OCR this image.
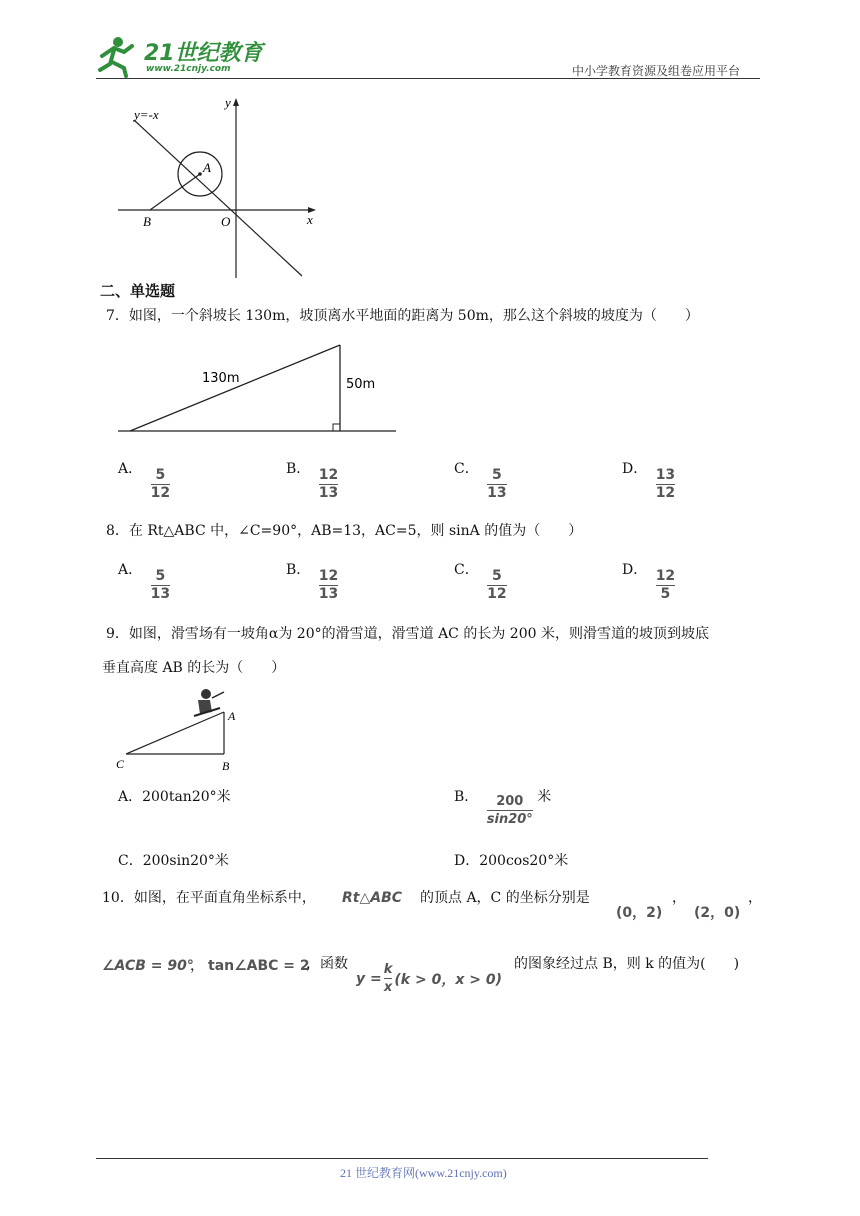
21世纪教育
www.21cnjy.com	中小学教育资源及组卷应用平台
y=-x
y
x
A
B	O
二、单选题
7．如图，一个斜坡长 130m，坡顶离水平地面的距离为 50m，那么这个斜坡的坡度为（　　）
130m	50m
A． $\frac{5}{12}$	B． $\frac{12}{13}$	C． $\frac{5}{13}$	D． $\frac{13}{12}$
8．在 Rt△ABC 中，∠C=90°，AB=13，AC=5，则 sinA 的值为（　　）
A． $\frac{5}{13}$	B． $\frac{12}{13}$	C． $\frac{5}{12}$	D． $\frac{12}{5}$
9．如图，滑雪场有一坡角α为 20°的滑雪道，滑雪道 AC 的长为 200 米，则滑雪道的坡顶到坡底
垂直高度 AB 的长为（　　）
A
B
C
A．200tan20°米	B． $\frac{200}{\sin 20^\circ}$ 米
C．200sin20°米	D．200cos20°米
10．如图，在平面直角坐标系中， Rt△ABC 的顶点 A，C 的坐标分别是
(0，2)
，
(2，0)
，
∠ACB = 90°
， tan∠ABC = 2
，函数
$y = \frac{k}{x} (k > 0$，x > 0)
的图象经过点 B，则 k 的值为(　　)
21 世纪教育网(www.21cnjy.com)
